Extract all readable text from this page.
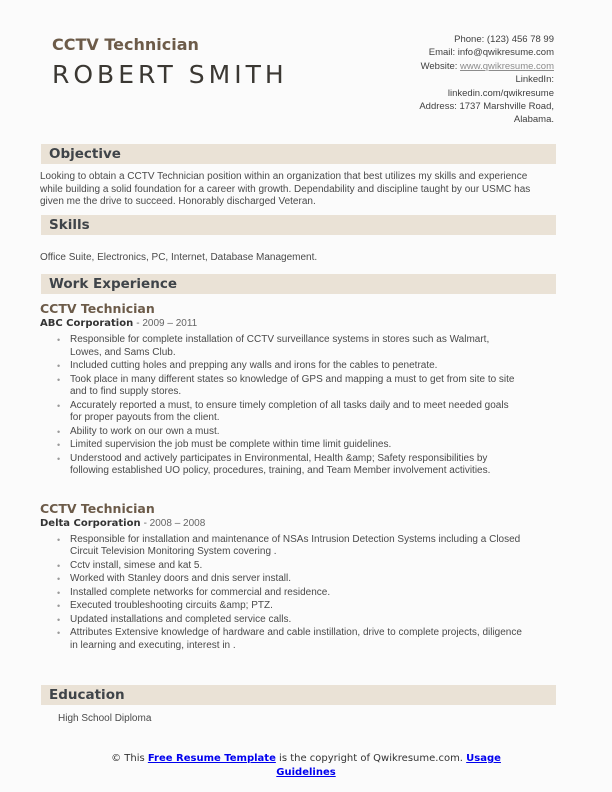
CCTV Technician
ROBERT SMITH
Phone: (123) 456 78 99
Email: info@qwikresume.com
Website: www.qwikresume.com
LinkedIn:
linkedin.com/qwikresume
Address: 1737 Marshville Road,
Alabama.
Objective

Looking to obtain a CCTV Technician position within an organization that best utilizes my skills and experience while building a solid foundation for a career with growth. Dependability and discipline taught by our USMC has given me the drive to succeed. Honorably discharged Veteran.

Skills

Office Suite, Electronics, PC, Internet, Database Management.

Work Experience
CCTV Technician
ABC Corporation - 2009 – 2011
• Responsible for complete installation of CCTV surveillance systems in stores such as Walmart, Lowes, and Sams Club.
• Included cutting holes and prepping any walls and irons for the cables to penetrate.
• Took place in many different states so knowledge of GPS and mapping a must to get from site to site and to find supply stores.
• Accurately reported a must, to ensure timely completion of all tasks daily and to meet needed goals for proper payouts from the client.
• Ability to work on our own a must.
• Limited supervision the job must be complete within time limit guidelines.
• Understood and actively participates in Environmental, Health &amp; Safety responsibilities by following established UO policy, procedures, training, and Team Member involvement activities.
CCTV Technician
Delta Corporation - 2008 – 2008
• Responsible for installation and maintenance of NSAs Intrusion Detection Systems including a Closed Circuit Television Monitoring System covering .
• Cctv install, simese and kat 5.
• Worked with Stanley doors and dnis server install.
• Installed complete networks for commercial and residence.
• Executed troubleshooting circuits &amp; PTZ.
• Updated installations and completed service calls.
• Attributes Extensive knowledge of hardware and cable instillation, drive to complete projects, diligence in learning and executing, interest in .
Education
High School Diploma
© This Free Resume Template is the copyright of Qwikresume.com. Usage Guidelines
